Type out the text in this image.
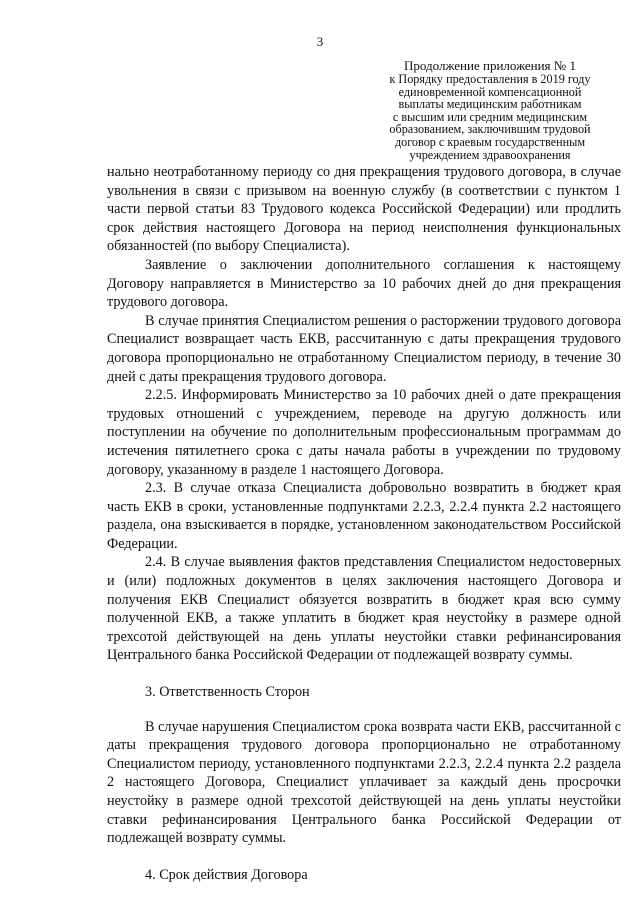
3
Продолжение приложения № 1
к Порядку предоставления в 2019 году
единовременной компенсационной
выплаты медицинским работникам
с высшим или средним медицинским
образованием, заключившим трудовой
договор с краевым государственным
учреждением здравоохранения

нально неотработанному периоду со дня прекращения трудового договора, в случае увольнения в связи с призывом на военную службу (в соответствии с пунктом 1 части первой статьи 83 Трудового кодекса Российской Федерации) или продлить срок действия настоящего Договора на период неисполнения функциональных обязанностей (по выбору Специалиста).

Заявление о заключении дополнительного соглашения к настоящему Договору направляется в Министерство за 10 рабочих дней до дня прекращения трудового договора.

В случае принятия Специалистом решения о расторжении трудового договора Специалист возвращает часть ЕКВ, рассчитанную с даты прекращения трудового договора пропорционально не отработанному Специалистом периоду, в течение 30 дней с даты прекращения трудового договора.

2.2.5. Информировать Министерство за 10 рабочих дней о дате прекращения трудовых отношений с учреждением, переводе на другую должность или поступлении на обучение по дополнительным профессиональным программам до истечения пятилетнего срока с даты начала работы в учреждении по трудовому договору, указанному в разделе 1 настоящего Договора.

2.3. В случае отказа Специалиста добровольно возвратить в бюджет края часть ЕКВ в сроки, установленные подпунктами 2.2.3, 2.2.4 пункта 2.2 настоящего раздела, она взыскивается в порядке, установленном законодательством Российской Федерации.

2.4. В случае выявления фактов представления Специалистом недостоверных и (или) подложных документов в целях заключения настоящего Договора и получения ЕКВ Специалист обязуется возвратить в бюджет края всю сумму полученной ЕКВ, а также уплатить в бюджет края неустойку в размере одной трехсотой действующей на день уплаты неустойки ставки рефинансирования Центрального банка Российской Федерации от подлежащей возврату суммы.

3. Ответственность Сторон

В случае нарушения Специалистом срока возврата части ЕКВ, рассчитанной с даты прекращения трудового договора пропорционально не отработанному Специалистом периоду, установленного подпунктами 2.2.3, 2.2.4 пункта 2.2 раздела 2 настоящего Договора, Специалист уплачивает за каждый день просрочки неустойку в размере одной трехсотой действующей на день уплаты неустойки ставки рефинансирования Центрального банка Российской Федерации от подлежащей возврату суммы.

4. Срок действия Договора
